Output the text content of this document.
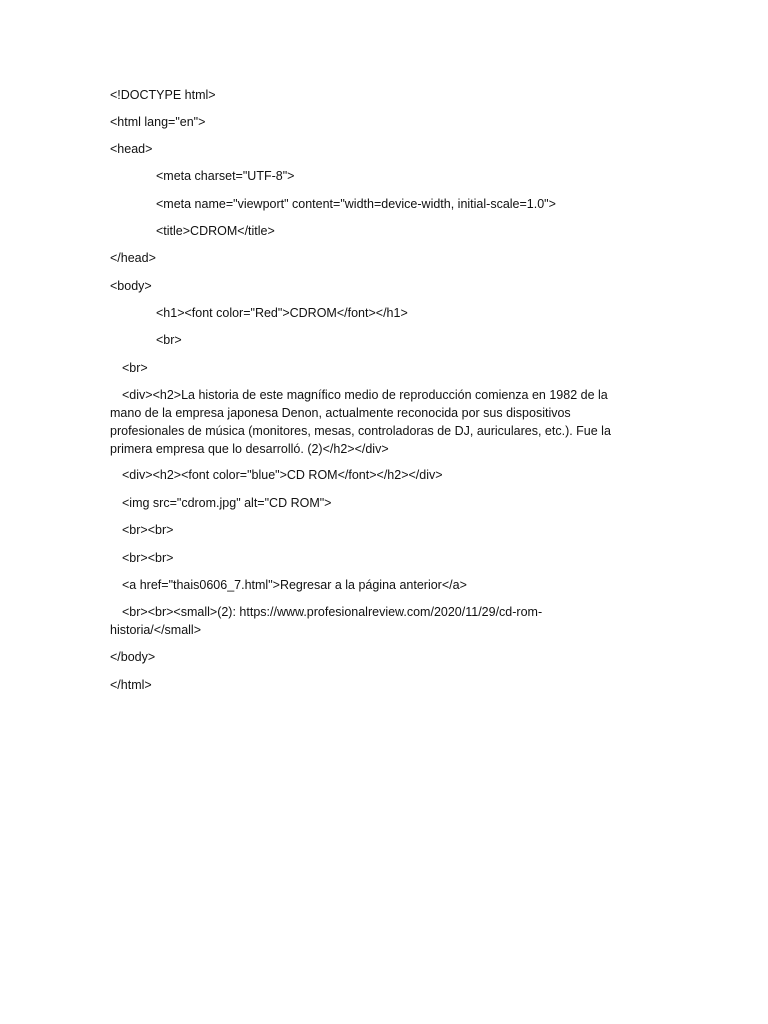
<!DOCTYPE html>
<html lang="en">
<head>
<meta charset="UTF-8">
<meta name="viewport" content="width=device-width, initial-scale=1.0">
<title>CDROM</title>
</head>
<body>
<h1><font color="Red">CDROM</font></h1>
<br>
<br>
<div><h2>La historia de este magnífico medio de reproducción comienza en 1982 de la mano de la empresa japonesa Denon, actualmente reconocida por sus dispositivos profesionales de música (monitores, mesas, controladoras de DJ, auriculares, etc.). Fue la primera empresa que lo desarrolló. (2)</h2></div>
<div><h2><font color="blue">CD ROM</font></h2></div>
<img src="cdrom.jpg" alt="CD ROM">
<br><br>
<br><br>
<a href="thais0606_7.html">Regresar a la página anterior</a>
<br><br><small>(2): https://www.profesionalreview.com/2020/11/29/cd-rom-historia/</small>
</body>
</html>
